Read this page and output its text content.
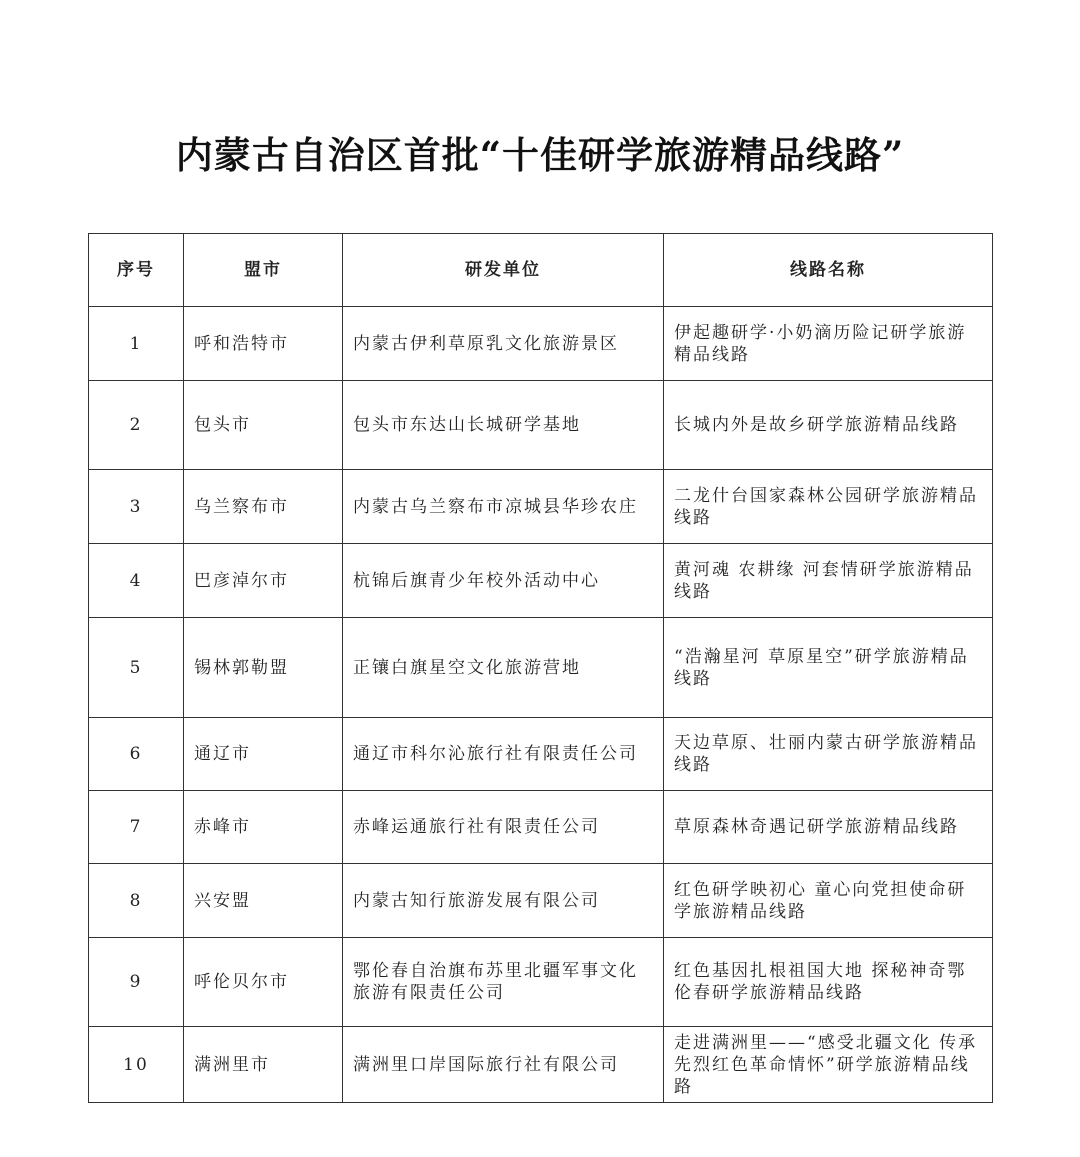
内蒙古自治区首批“十佳研学旅游精品线路”
序号	盟市	研发单位	线路名称
1	呼和浩特市	内蒙古伊利草原乳文化旅游景区	伊起趣研学·小奶滴历险记研学旅游精品线路
2	包头市	包头市东达山长城研学基地	长城内外是故乡研学旅游精品线路
3	乌兰察布市	内蒙古乌兰察布市凉城县华珍农庄	二龙什台国家森林公园研学旅游精品线路
4	巴彦淖尔市	杭锦后旗青少年校外活动中心	黄河魂 农耕缘 河套情研学旅游精品线路
5	锡林郭勒盟	正镶白旗星空文化旅游营地	“浩瀚星河 草原星空”研学旅游精品线路
6	通辽市	通辽市科尔沁旅行社有限责任公司	天边草原、壮丽内蒙古研学旅游精品线路
7	赤峰市	赤峰运通旅行社有限责任公司	草原森林奇遇记研学旅游精品线路
8	兴安盟	内蒙古知行旅游发展有限公司	红色研学映初心 童心向党担使命研学旅游精品线路
9	呼伦贝尔市	鄂伦春自治旗布苏里北疆军事文化旅游有限责任公司	红色基因扎根祖国大地 探秘神奇鄂伦春研学旅游精品线路
10	满洲里市	满洲里口岸国际旅行社有限公司	走进满洲里——“感受北疆文化 传承先烈红色革命情怀”研学旅游精品线路
